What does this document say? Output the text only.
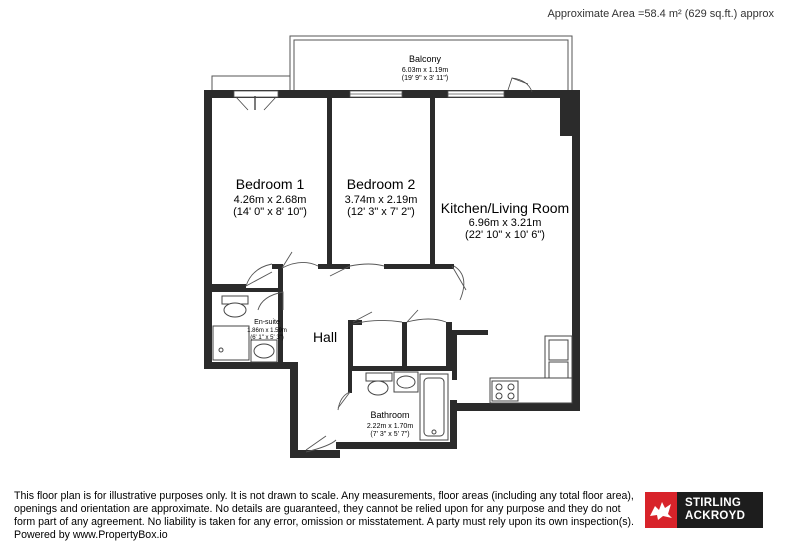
Approximate Area =58.4 m² (629 sq.ft.) approx
Balcony
6.03m x 1.19m
(19' 9" x 3' 11")
Bedroom 1
4.26m x 2.68m
(14' 0" x 8' 10")
Bedroom 2
3.74m x 2.19m
(12' 3" x 7' 2") Kitchen/Living Room
6.96m x 3.21m
(22' 10" x 10' 6")
En-suite
1.86m x 1.59m
(6' 1" x 5' 3") Hall
Bathroom
2.22m x 1.70m
(7' 3" x 5' 7")
This floor plan is for illustrative purposes only. It is not drawn to scale. Any measurements, floor areas (including any total floor area),
openings and orientation are approximate. No details are guaranteed, they cannot be relied upon for any purpose and they do not
form part of any agreement. No liability is taken for any error, omission or misstatement. A party must rely upon its own inspection(s).
Powered by www.PropertyBox.io
STIRLING
ACKROYD
